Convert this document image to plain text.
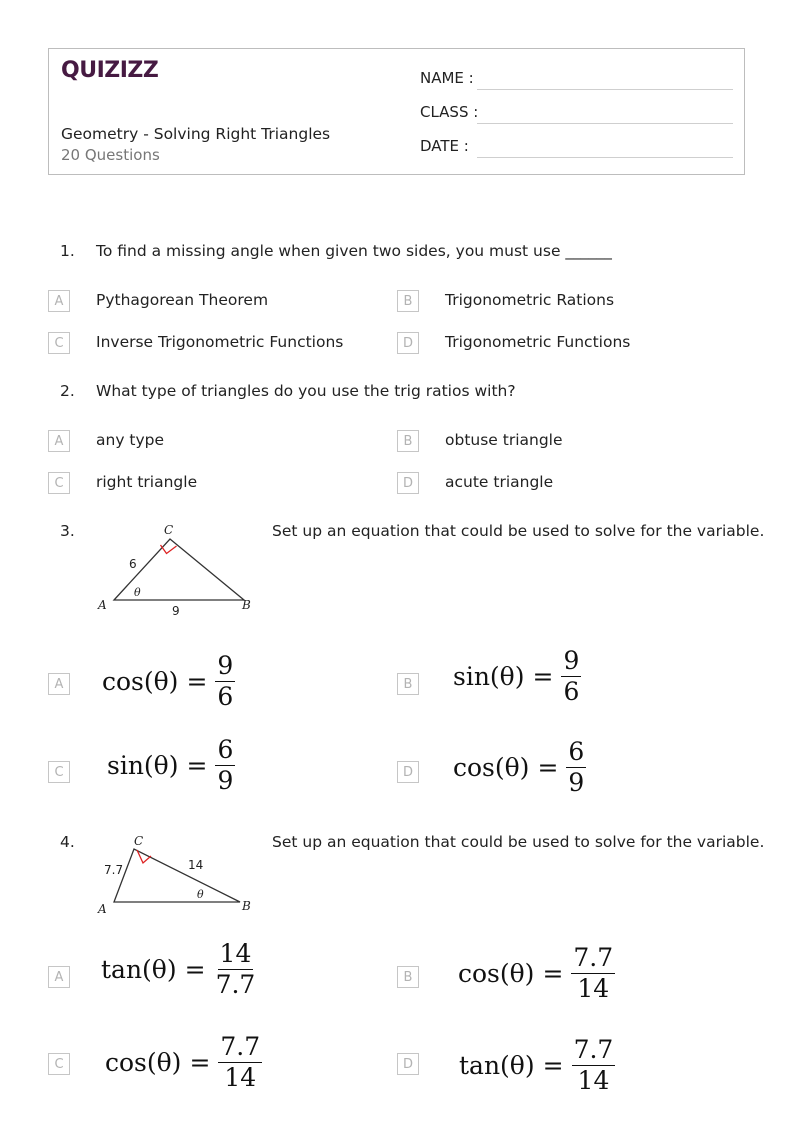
QUIZIZZ
Geometry - Solving Right Triangles
20 Questions
NAME :
CLASS :
DATE :
1. To find a missing angle when given two sides, you must use ______
A	Pythagorean Theorem	B	Trigonometric Rations
C	Inverse Trigonometric Functions	D	Trigonometric Functions
2. What type of triangles do you use the trig ratios with?
A	any type	B	obtuse triangle
C	right triangle	D	acute triangle
3.	Set up an equation that could be used to solve for the variable.
A	B
C
θ
6
9
A $\cos(\theta) = \frac{9}{6}$	B $\sin(\theta) = \frac{9}{6}$
C $\sin(\theta) = \frac{6}{9}$	D $\cos(\theta) = \frac{6}{9}$
4.	Set up an equation that could be used to solve for the variable.
A	B
C
θ
7.7	14
A $\tan(\theta) = \frac{14}{7.7}$	B $\cos(\theta) = \frac{7.7}{14}$
C $\cos(\theta) = \frac{7.7}{14}$	D $\tan(\theta) = \frac{7.7}{14}$
